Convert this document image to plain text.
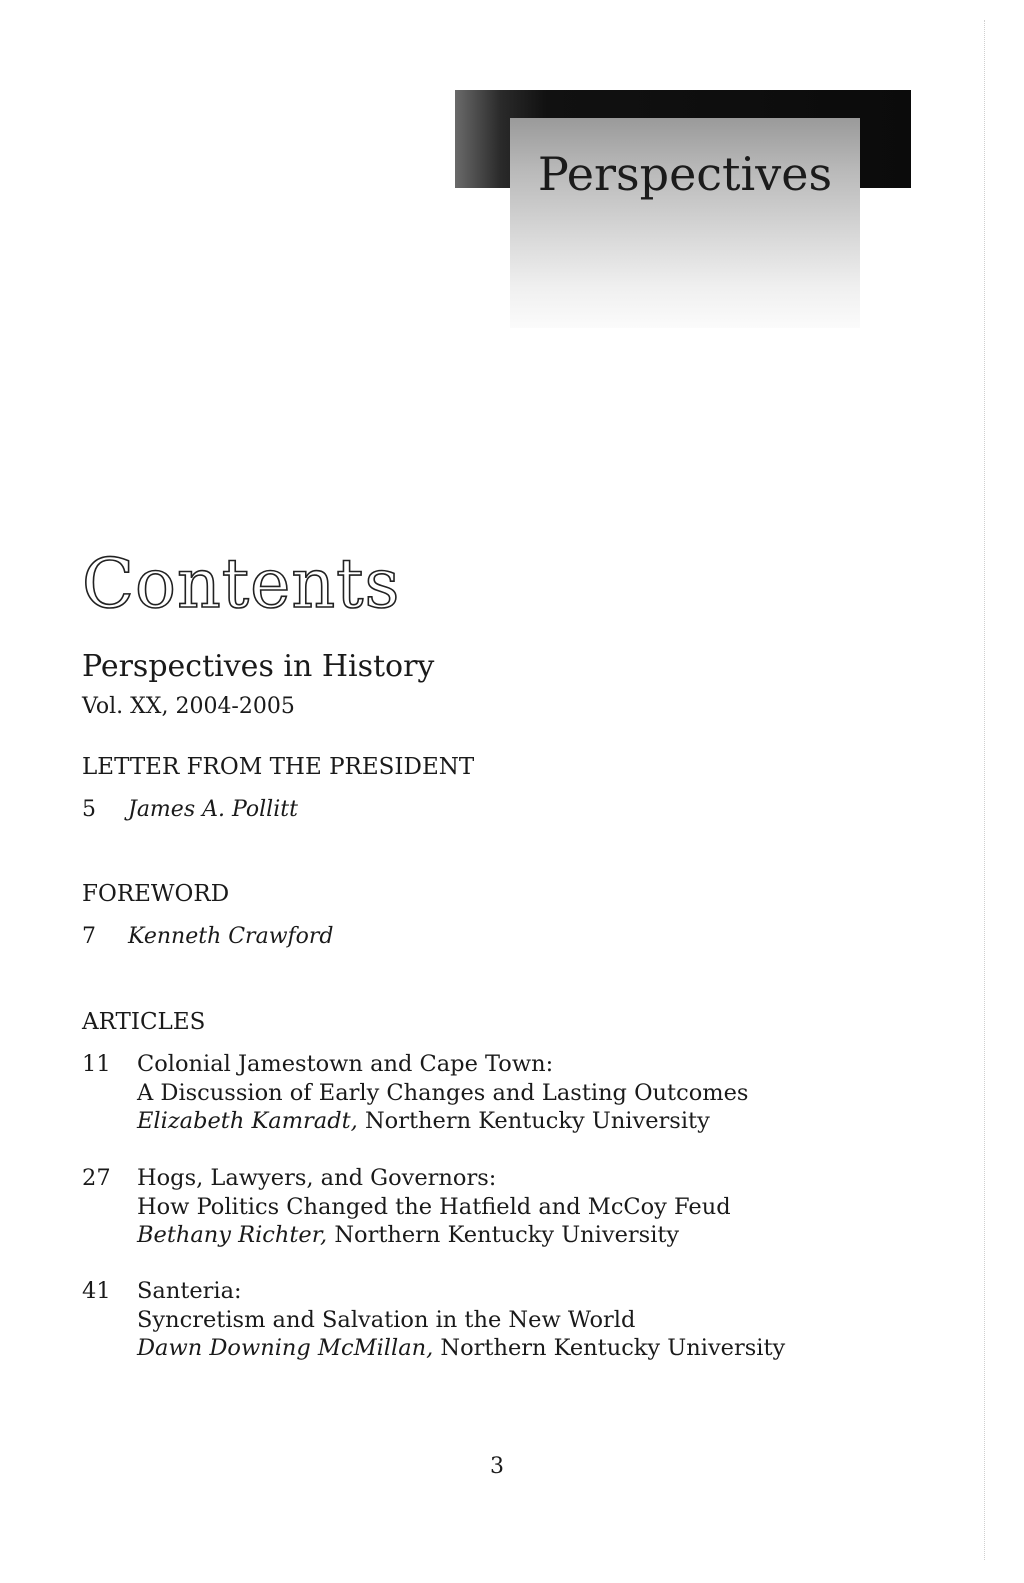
Perspectives
Contents
Perspectives in History
Vol. XX, 2004-2005
LETTER FROM THE PRESIDENT
5 James A. Pollitt
FOREWORD
7 Kenneth Crawford
ARTICLES
11	Colonial Jamestown and Cape Town:
A Discussion of Early Changes and Lasting Outcomes
Elizabeth Kamradt, Northern Kentucky University
27	Hogs, Lawyers, and Governors:
How Politics Changed the Hatfield and McCoy Feud
Bethany Richter, Northern Kentucky University
41	Santeria:
Syncretism and Salvation in the New World
Dawn Downing McMillan, Northern Kentucky University
3
